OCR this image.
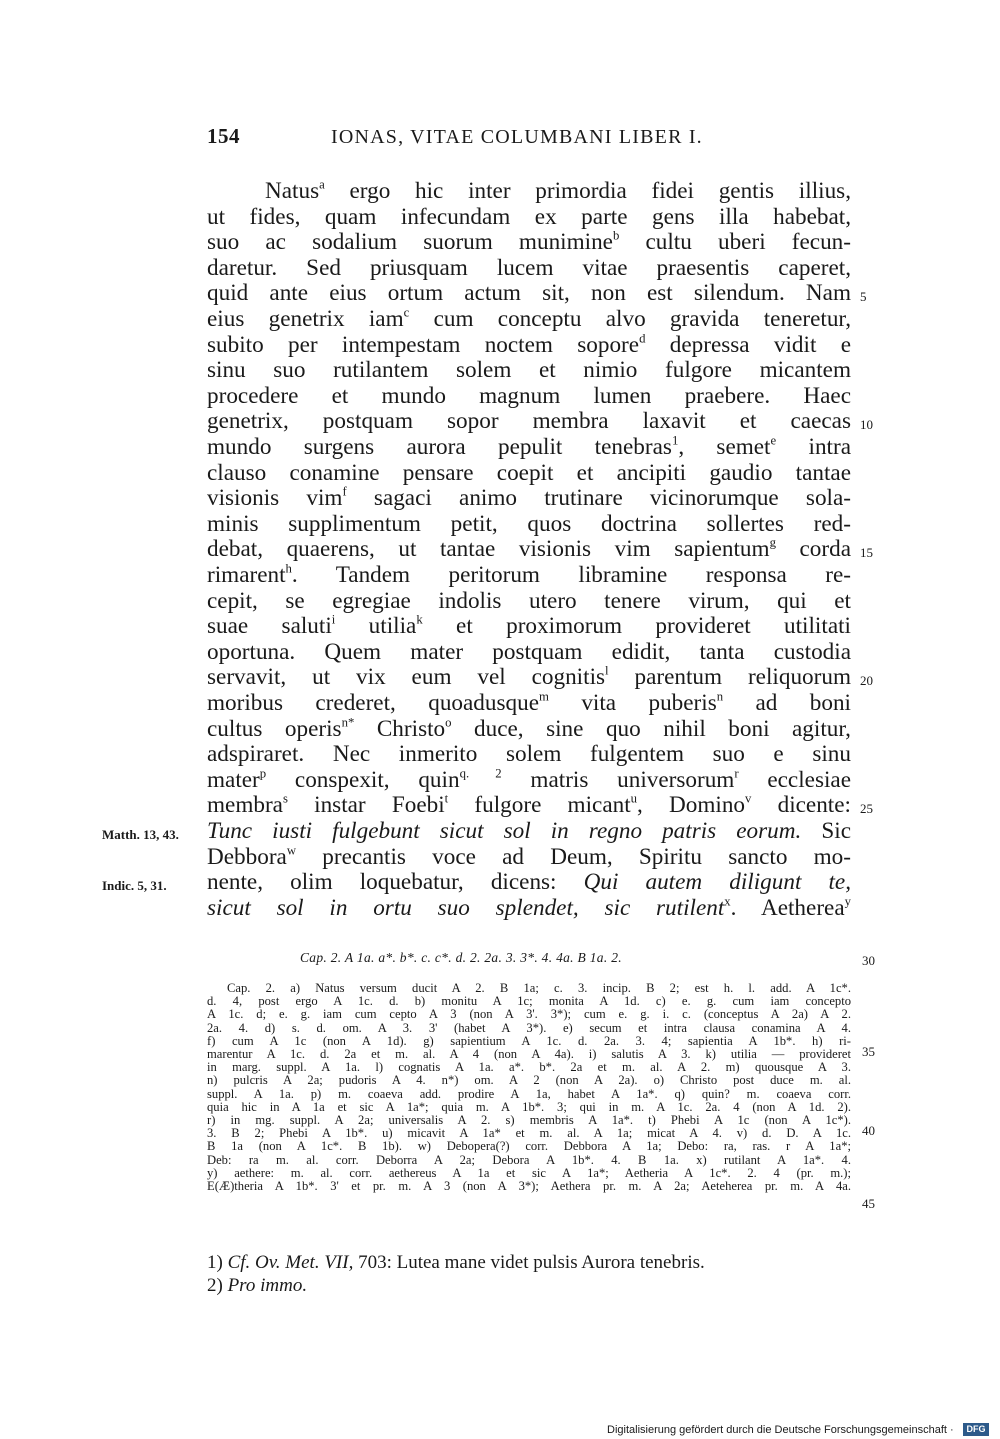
154	IONAS, VITAE COLUMBANI LIBER I.
Natus$^a$ ergo hic inter primordia fidei gentis illius,
ut fides, quam infecundam ex parte gens illa habebat,
suo ac sodalium suorum munimine$^b$ cultu uberi fecun-
daretur. Sed priusquam lucem vitae praesentis caperet,
quid ante eius ortum actum sit, non est silendum. Nam
eius genetrix iam$^c$ cum conceptu alvo gravida teneretur,
subito per intempestam noctem sopore$^d$ depressa vidit e
sinu suo rutilantem solem et nimio fulgore micantem
procedere et mundo magnum lumen praebere. Haec
genetrix, postquam sopor membra laxavit et caecas
mundo surgens aurora pepulit tenebras$^1$, semet$^e$ intra
clauso conamine pensare coepit et ancipiti gaudio tantae
visionis vim$^f$ sagaci animo trutinare vicinorumque sola-
minis supplimentum petit, quos doctrina sollertes red-
debat, quaerens, ut tantae visionis vim sapientum$^g$ corda
rimarent$^h$. Tandem peritorum libramine responsa re-
cepit, se egregiae indolis utero tenere virum, qui et
suae saluti$^i$ utilia$^k$ et proximorum provideret utilitati
oportuna. Quem mater postquam edidit, tanta custodia
servavit, ut vix eum vel cognitis$^l$ parentum reliquorum
moribus crederet, quoadusque$^m$ vita puberis$^n$ ad boni
cultus operis$^{n*}$ Christo$^o$ duce, sine quo nihil boni agitur,
adspiraret. Nec inmerito solem fulgentem suo e sinu
mater$^p$ conspexit, quin$^{q. 2}$ matris universorum$^r$ ecclesiae
membra$^s$ instar Foebi$^t$ fulgore micant$^u$, Domino$^v$ dicente:
Tunc iusti fulgebunt sicut sol in regno patris eorum. Sic
Debbora$^w$ precantis voce ad Deum, Spiritu sancto mo-
nente, olim loquebatur, dicens: Qui autem diligunt te,
sicut sol in ortu suo splendet, sic rutilent$^x$. Aetherea$^y$
5
10
15
20
25
Matth. 13, 43.
Indic. 5, 31.
Cap. 2. A 1a. a*. b*. c. c*. d. 2. 2a. 3. 3*. 4. 4a. B 1a. 2.
Cap. 2. a) Natus versum ducit A 2. B 1a; c. 3. incip. B 2; est h. l. add. A 1c*.
d. 4, post ergo A 1c. d. b) monitu A 1c; monita A 1d. c) e. g. cum iam concepto
A 1c. d; e. g. iam cum cepto A 3 (non A 3'. 3*); cum e. g. i. c. (conceptus A 2a) A 2.
2a. 4. d) s. d. om. A 3. 3' (habet A 3*). e) secum et intra clausa conamina A 4.
f) cum A 1c (non A 1d). g) sapientium A 1c. d. 2a. 3. 4; sapientia A 1b*. h) ri-
marentur A 1c. d. 2a et m. al. A 4 (non A 4a). i) salutis A 3. k) utilia — provideret
in marg. suppl. A 1a. l) cognatis A 1a. a*. b*. 2a et m. al. A 2. m) quousque A 3.
n) pulcris A 2a; pudoris A 4. n*) om. A 2 (non A 2a). o) Christo post duce m. al.
suppl. A 1a. p) m. coaeva add. prodire A 1a, habet A 1a*. q) quin? m. coaeva corr.
quia hic in A 1a et sic A 1a*; quia m. A 1b*. 3; qui in m. A 1c. 2a. 4 (non A 1d. 2).
r) in mg. suppl. A 2a; universalis A 2. s) membris A 1a*. t) Phebi A 1c (non A 1c*).
3. B 2; Phebi A 1b*. u) micavit A 1a* et m. al. A 1a; micat A 4. v) d. D. A 1c.
B 1a (non A 1c*. B 1b). w) Debopera(?) corr. Debbora A 1a; Debo: ra, ras. r A 1a*;
Deb: ra m. al. corr. Deborra A 2a; Debora A 1b*. 4. B 1a. x) rutilant A 1a*. 4.
y) aethere: m. al. corr. aethereus A 1a et sic A 1a*; Aetheria A 1c*. 2. 4 (pr. m.);
E(Æ)theria A 1b*. 3' et pr. m. A 3 (non A 3*); Aethera pr. m. A 2a; Aeteherea pr. m. A 4a.
30
35
40
45
1) Cf. Ov. Met. VII, 703: Lutea mane videt pulsis Aurora tenebris.
2) Pro immo.
Digitalisierung gefördert durch die Deutsche Forschungsgemeinschaft ·	DFG
